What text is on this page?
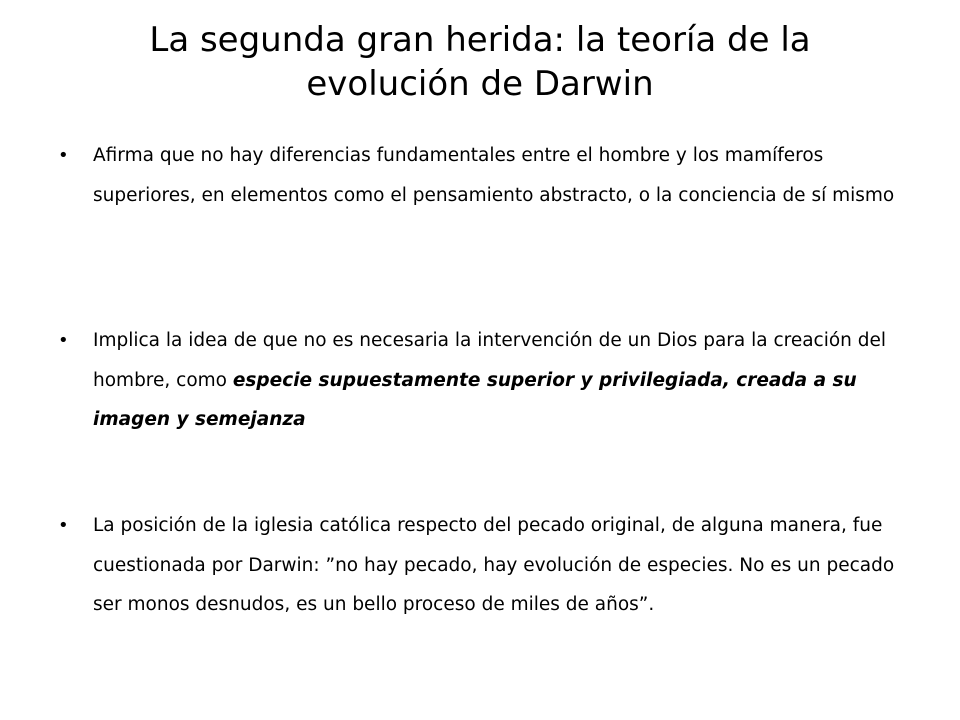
La segunda gran herida: la teoría de la
evolución de Darwin
• Afirma que no hay diferencias fundamentales entre el hombre y los mamíferos superiores, en elementos como el pensamiento abstracto, o la conciencia de sí mismo
• Implica la idea de que no es necesaria la intervención de un Dios para la creación del hombre, como especie supuestamente superior y privilegiada, creada a su imagen y semejanza
• La posición de la iglesia católica respecto del pecado original, de alguna manera, fue cuestionada por Darwin: ”no hay pecado, hay evolución de especies. No es un pecado ser monos desnudos, es un bello proceso de miles de años”.
